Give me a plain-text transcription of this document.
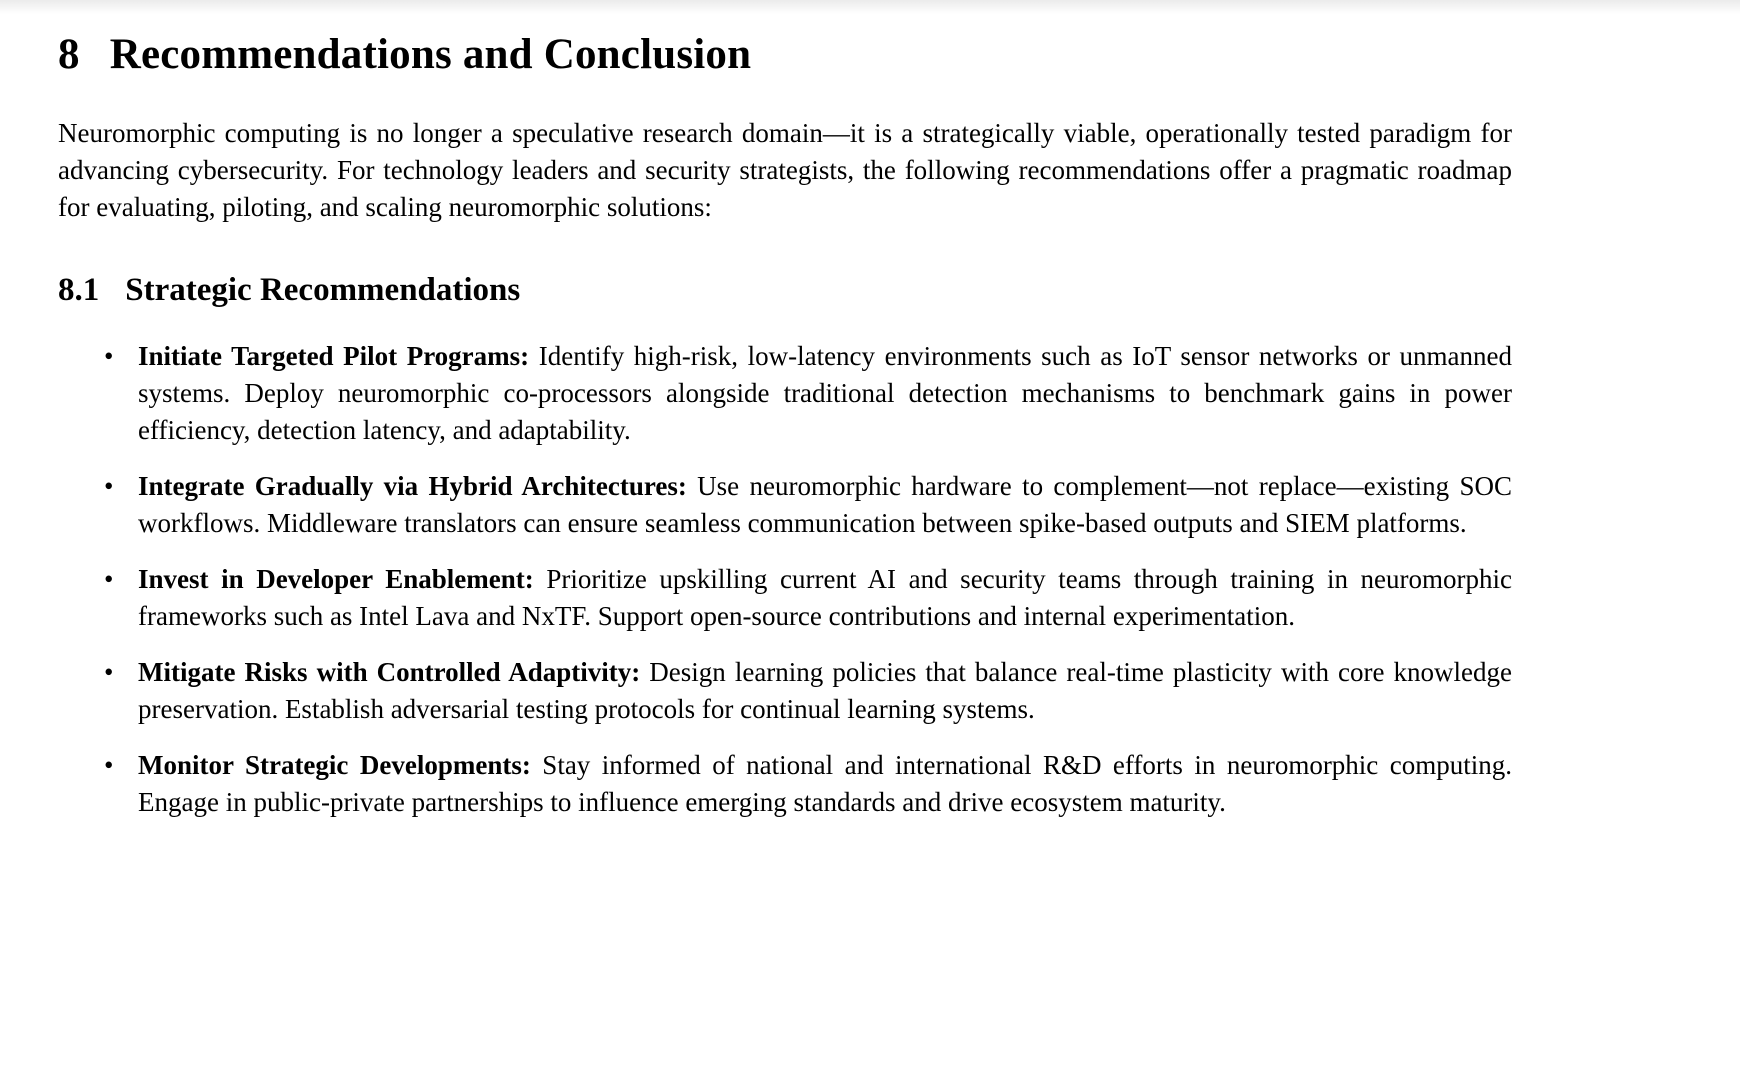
8 Recommendations and Conclusion

Neuromorphic computing is no longer a speculative research domain—it is a strategically viable, operationally tested paradigm for advancing cybersecurity. For technology leaders and security strategists, the following recommendations offer a pragmatic roadmap for evaluating, piloting, and scaling neuromorphic solutions:

8.1 Strategic Recommendations
• Initiate Targeted Pilot Programs: Identify high-risk, low-latency environments such as IoT sensor networks or unmanned systems. Deploy neuromorphic co-processors alongside traditional detection mechanisms to benchmark gains in power efficiency, detection latency, and adaptability.
• Integrate Gradually via Hybrid Architectures: Use neuromorphic hardware to complement—not replace—existing SOC workflows. Middleware translators can ensure seamless communication between spike-based outputs and SIEM platforms.
• Invest in Developer Enablement: Prioritize upskilling current AI and security teams through training in neuromorphic frameworks such as Intel Lava and NxTF. Support open-source contributions and internal experimentation.
• Mitigate Risks with Controlled Adaptivity: Design learning policies that balance real-time plasticity with core knowledge preservation. Establish adversarial testing protocols for continual learning systems.
• Monitor Strategic Developments: Stay informed of national and international R&D efforts in neuromorphic computing. Engage in public-private partnerships to influence emerging standards and drive ecosystem maturity.
